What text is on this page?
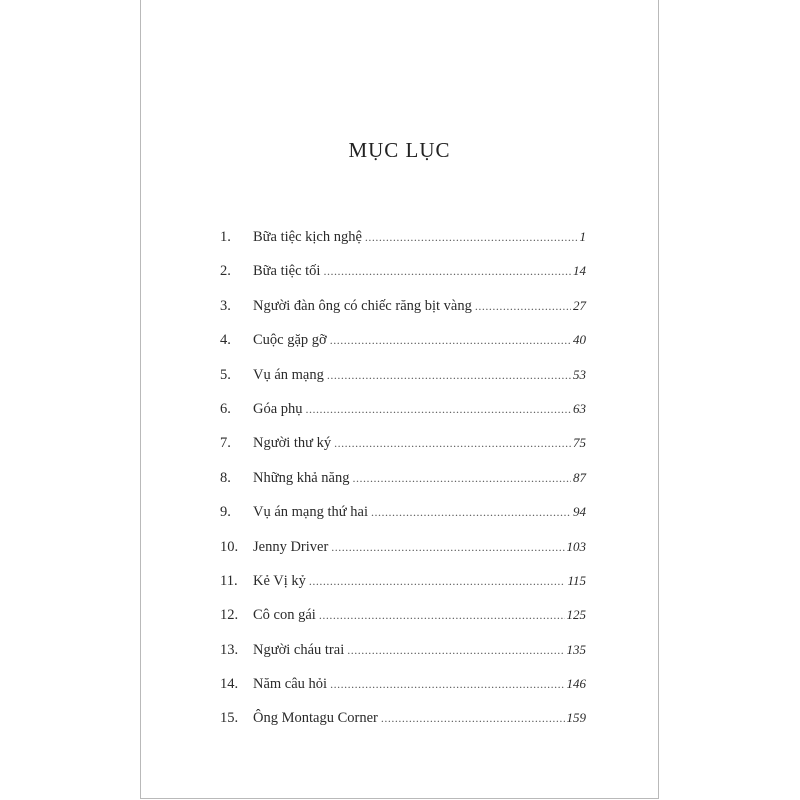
MỤC LỤC
1.	Bữa tiệc kịch nghệ .....	1
2.	Bữa tiệc tối .....	14
3.	Người đàn ông có chiếc răng bịt vàng .....	27
4.	Cuộc gặp gỡ .....	40
5.	Vụ án mạng .....	53
6.	Góa phụ .....	63
7.	Người thư ký .....	75
8.	Những khả năng .....	87
9.	Vụ án mạng thứ hai .....	94
10.	Jenny Driver .....	103
11.	Kẻ Vị kỷ .....	115
12.	Cô con gái .....	125
13.	Người cháu trai .....	135
14.	Năm câu hỏi .....	146
15.	Ông Montagu Corner .....	159
